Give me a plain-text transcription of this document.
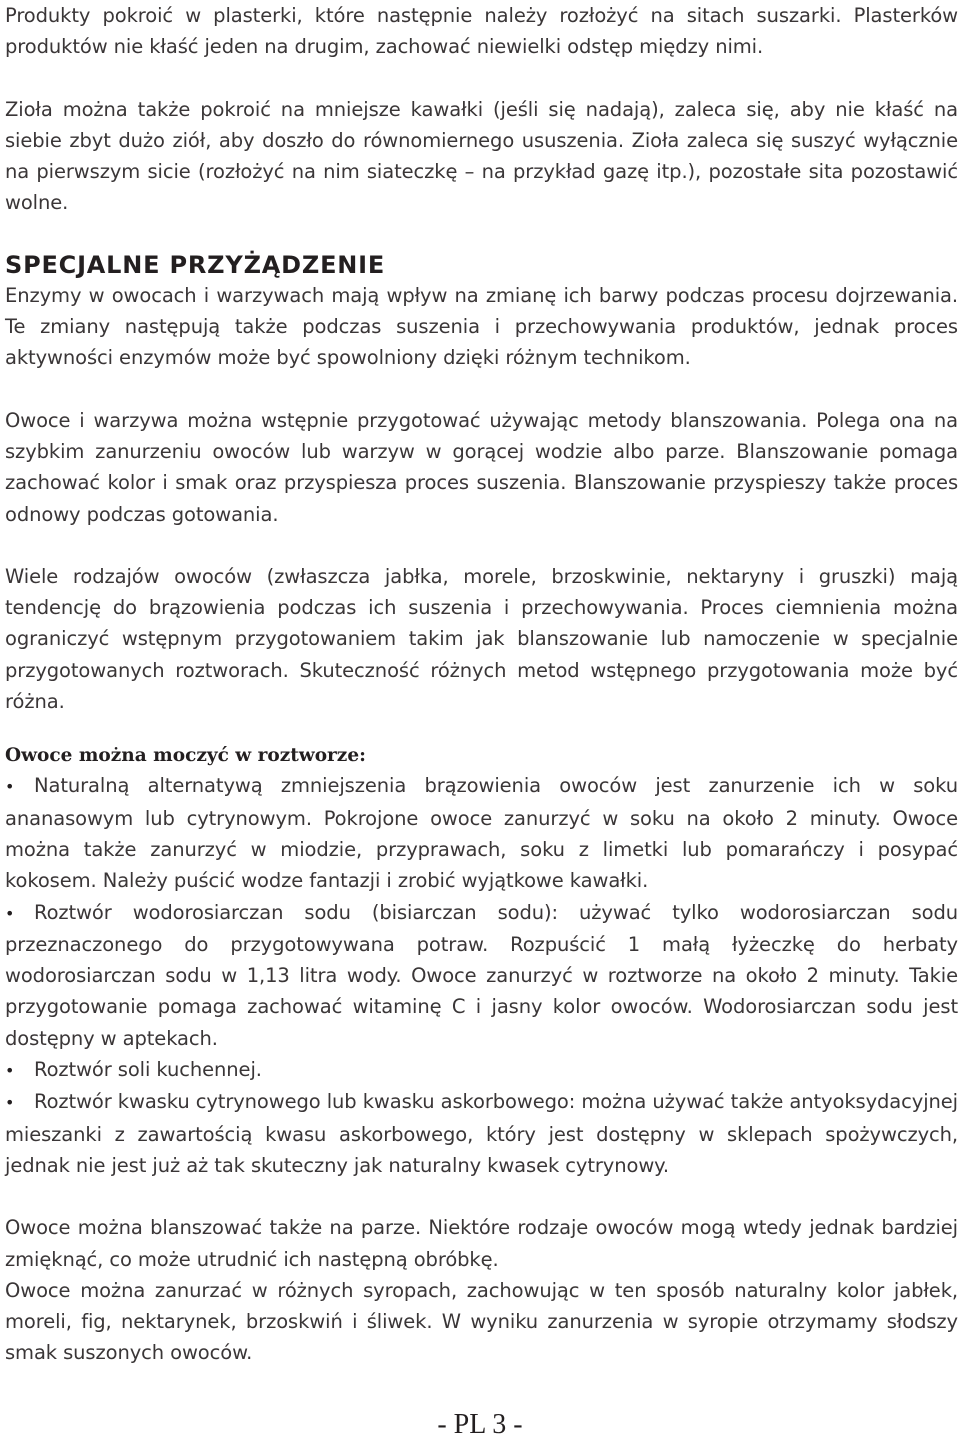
Produkty pokroić w plasterki, które następnie należy rozłożyć na sitach suszarki. Plasterków produktów nie kłaść jeden na drugim, zachować niewielki odstęp między nimi.

Zioła można także pokroić na mniejsze kawałki (jeśli się nadają), zaleca się, aby nie kłaść na siebie zbyt dużo ziół, aby doszło do równomiernego ususzenia. Zioła zaleca się suszyć wyłącznie na pierwszym sicie (rozłożyć na nim siateczkę – na przykład gazę itp.), pozostałe sita pozostawić wolne.

SPECJALNE PRZYŻĄDZENIE

Enzymy w owocach i warzywach mają wpływ na zmianę ich barwy podczas procesu dojrzewania. Te zmiany następują także podczas suszenia i przechowywania produktów, jednak proces aktywności enzymów może być spowolniony dzięki różnym technikom.

Owoce i warzywa można wstępnie przygotować używając metody blanszowania. Polega ona na szybkim zanurzeniu owoców lub warzyw w gorącej wodzie albo parze. Blanszowanie pomaga zachować kolor i smak oraz przyspiesza proces suszenia. Blanszowanie przyspieszy także proces odnowy podczas gotowania.

Wiele rodzajów owoców (zwłaszcza jabłka, morele, brzoskwinie, nektaryny i gruszki) mają tendencję do brązowienia podczas ich suszenia i przechowywania. Proces ciemnienia można ograniczyć wstępnym przygotowaniem takim jak blanszowanie lub namoczenie w specjalnie przygotowanych roztworach. Skuteczność różnych metod wstępnego przygotowania może być różna.

Owoce można moczyć w roztworze:
• Naturalną alternatywą zmniejszenia brązowienia owoców jest zanurzenie ich w soku ananasowym lub cytrynowym. Pokrojone owoce zanurzyć w soku na około 2 minuty. Owoce można także zanurzyć w miodzie, przyprawach, soku z limetki lub pomarańczy i posypać kokosem. Należy puścić wodze fantazji i zrobić wyjątkowe kawałki.
• Roztwór wodorosiarczan sodu (bisiarczan sodu): używać tylko wodorosiarczan sodu przeznaczonego do przygotowywana potraw. Rozpuścić 1 małą łyżeczkę do herbaty wodorosiarczan sodu w 1,13 litra wody. Owoce zanurzyć w roztworze na około 2 minuty. Takie przygotowanie pomaga zachować witaminę C i jasny kolor owoców. Wodorosiarczan sodu jest dostępny w aptekach.
• Roztwór soli kuchennej.
• Roztwór kwasku cytrynowego lub kwasku askorbowego: można używać także antyoksydacyjnej mieszanki z zawartością kwasu askorbowego, który jest dostępny w sklepach spożywczych, jednak nie jest już aż tak skuteczny jak naturalny kwasek cytrynowy.

Owoce można blanszować także na parze. Niektóre rodzaje owoców mogą wtedy jednak bardziej zmięknąć, co może utrudnić ich następną obróbkę.

Owoce można zanurzać w różnych syropach, zachowując w ten sposób naturalny kolor jabłek, moreli, fig, nektarynek, brzoskwiń i śliwek. W wyniku zanurzenia w syropie otrzymamy słodszy smak suszonych owoców.

- PL 3 -
